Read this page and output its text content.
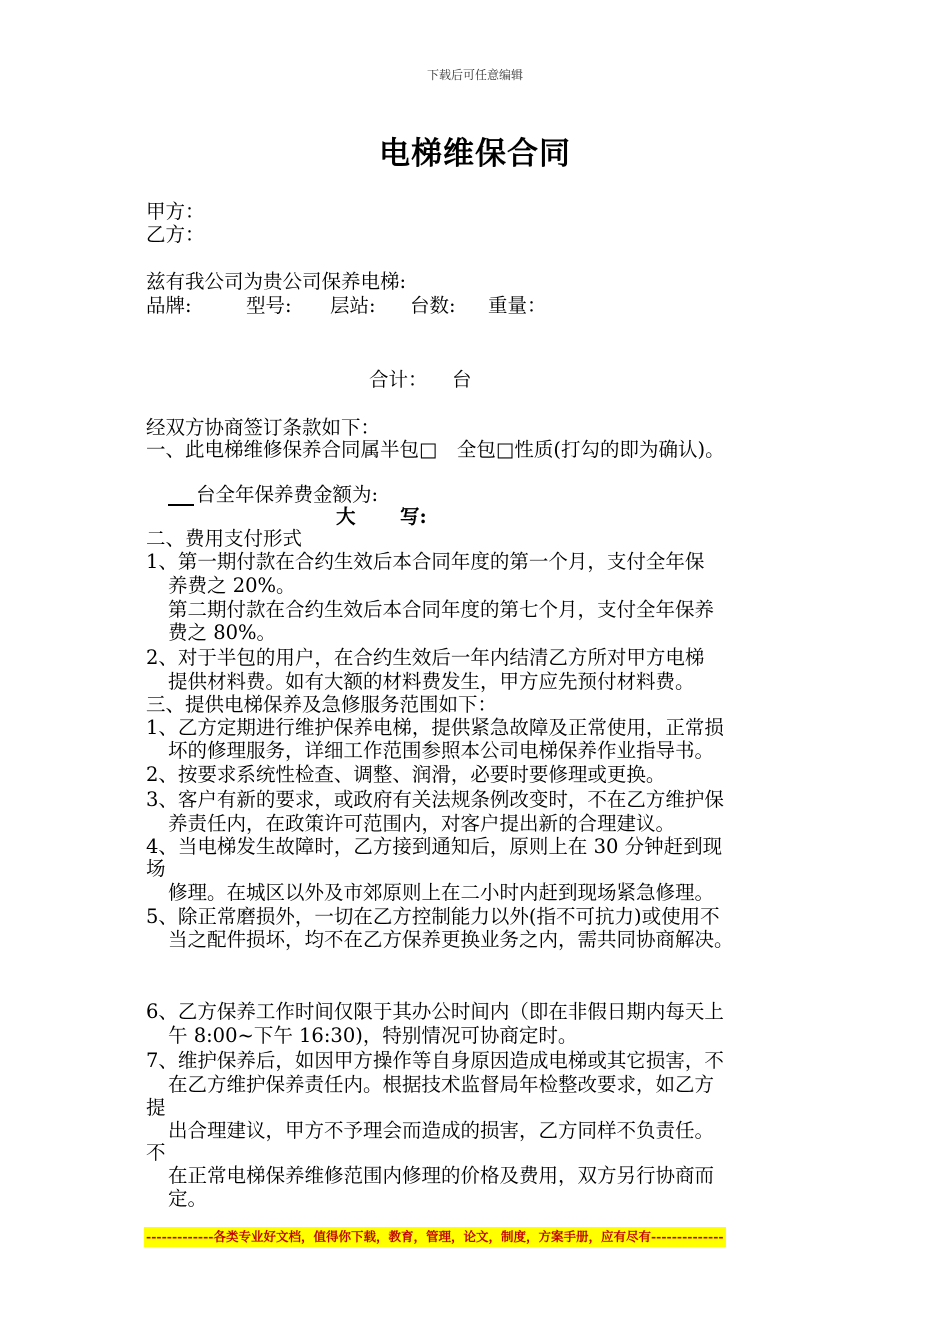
下载后可任意编辑
电梯维保合同
甲方：
乙方：
兹有我公司为贵公司保养电梯:
品牌:	型号: 层站: 台数: 重量：
合计： 台
经双方协商签订条款如下：
一、此电梯维修保养合同属半包□　全包□性质(打勾的即为确认)。
台全年保养费金额为:
大 写:
二、费用支付形式
1、第一期付款在合约生效后本合同年度的第一个月，支付全年保
养费之 20%。
第二期付款在合约生效后本合同年度的第七个月，支付全年保养
费之 80%。
2、对于半包的用户，在合约生效后一年内结清乙方所对甲方电梯
提供材料费。如有大额的材料费发生，甲方应先预付材料费。
三、提供电梯保养及急修服务范围如下：
1、乙方定期进行维护保养电梯，提供紧急故障及正常使用，正常损
坏的修理服务，详细工作范围参照本公司电梯保养作业指导书。
2、按要求系统性检查、调整、润滑，必要时要修理或更换。
3、客户有新的要求，或政府有关法规条例改变时，不在乙方维护保
养责任内，在政策许可范围内，对客户提出新的合理建议。
4、当电梯发生故障时，乙方接到通知后，原则上在 30 分钟赶到现
场
修理。在城区以外及市郊原则上在二小时内赶到现场紧急修理。
5、除正常磨损外，一切在乙方控制能力以外(指不可抗力)或使用不
当之配件损坏，均不在乙方保养更换业务之内，需共同协商解决。
6、乙方保养工作时间仅限于其办公时间内（即在非假日期内每天上
午 8:00~下午 16:30)，特别情况可协商定时。
7、维护保养后，如因甲方操作等自身原因造成电梯或其它损害，不
在乙方维护保养责任内。根据技术监督局年检整改要求，如乙方
提
出合理建议，甲方不予理会而造成的损害，乙方同样不负责任。
不
在正常电梯保养维修范围内修理的价格及费用，双方另行协商而
定。
-------------各类专业好文档，值得你下载，教育，管理，论文，制度，方案手册，应有尽有--------------
